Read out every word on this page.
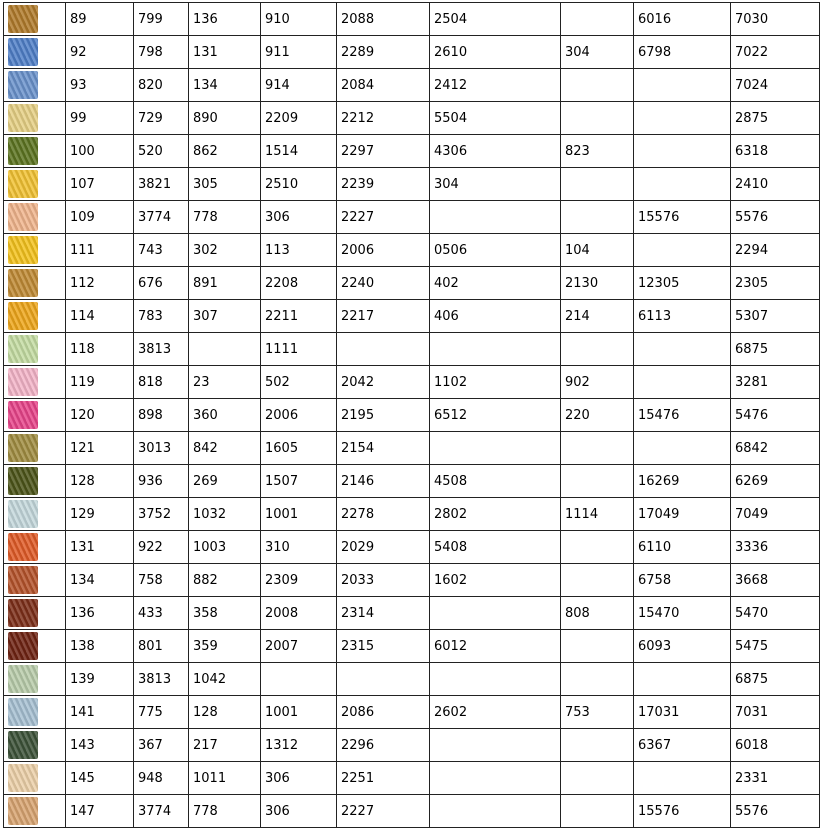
	89	799	136	910	2088	2504		6016	7030

	92	798	131	911	2289	2610	304	6798	7022

	93	820	134	914	2084	2412			7024

	99	729	890	2209	2212	5504			2875

	100	520	862	1514	2297	4306	823		6318

	107	3821	305	2510	2239	304			2410

	109	3774	778	306	2227			15576	5576

	111	743	302	113	2006	0506	104		2294

	112	676	891	2208	2240	402	2130	12305	2305

	114	783	307	2211	2217	406	214	6113	5307

	118	3813		1111					6875

	119	818	23	502	2042	1102	902		3281

	120	898	360	2006	2195	6512	220	15476	5476

	121	3013	842	1605	2154				6842

	128	936	269	1507	2146	4508		16269	6269

	129	3752	1032	1001	2278	2802	1114	17049	7049

	131	922	1003	310	2029	5408		6110	3336

	134	758	882	2309	2033	1602		6758	3668

	136	433	358	2008	2314		808	15470	5470

	138	801	359	2007	2315	6012		6093	5475

	139	3813	1042						6875

	141	775	128	1001	2086	2602	753	17031	7031

	143	367	217	1312	2296			6367	6018

	145	948	1011	306	2251				2331

	147	3774	778	306	2227			15576	5576
